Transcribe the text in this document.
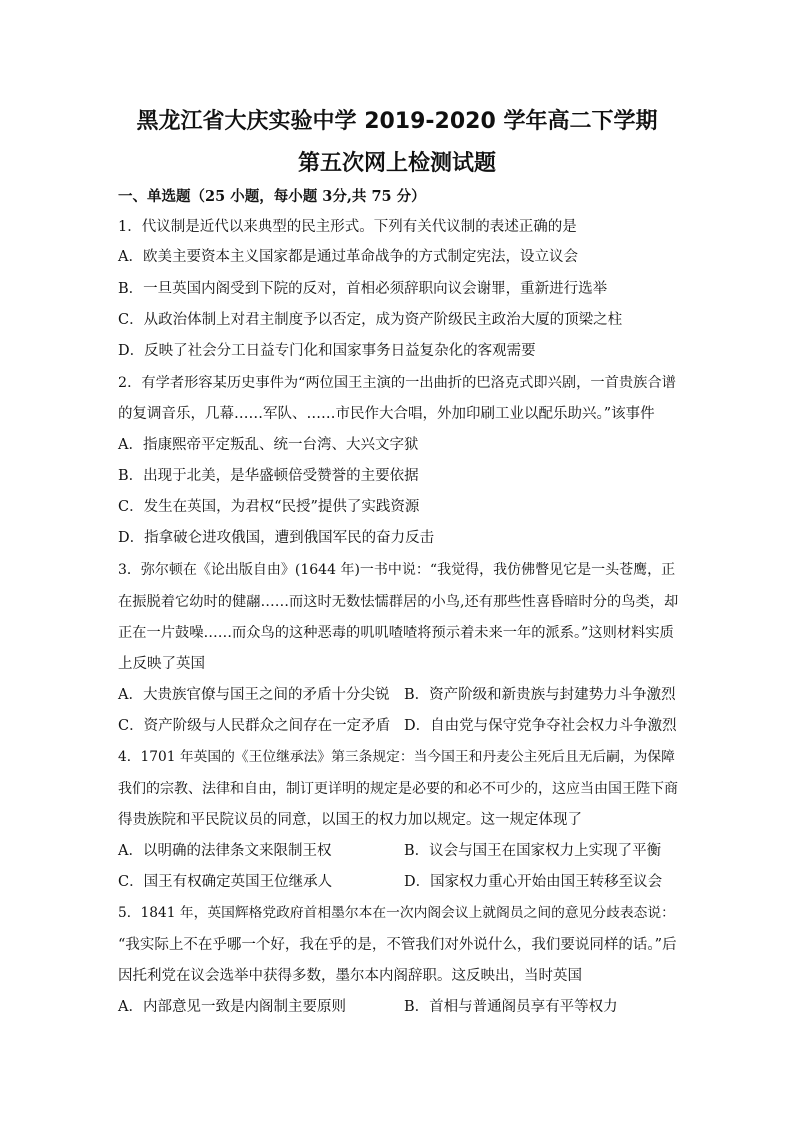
黑龙江省大庆实验中学 2019-2020 学年高二下学期
第五次网上检测试题
一、单选题（25 小题，每小题 3分,共 75 分）
1．代议制是近代以来典型的民主形式。下列有关代议制的表述正确的是
A．欧美主要资本主义国家都是通过革命战争的方式制定宪法，设立议会
B．一旦英国内阁受到下院的反对，首相必须辞职向议会谢罪，重新进行选举
C．从政治体制上对君主制度予以否定，成为资产阶级民主政治大厦的顶梁之柱
D．反映了社会分工日益专门化和国家事务日益复杂化的客观需要
2．有学者形容某历史事件为“两位国王主演的一出曲折的巴洛克式即兴剧，一首贵族合谱
的复调音乐，几幕……军队、……市民作大合唱，外加印刷工业以配乐助兴。”该事件
A．指康熙帝平定叛乱、统一台湾、大兴文字狱
B．出现于北美，是华盛顿倍受赞誉的主要依据
C．发生在英国，为君权“民授”提供了实践资源
D．指拿破仑进攻俄国，遭到俄国军民的奋力反击
3．弥尔顿在《论出版自由》(1644 年)一书中说：“我觉得，我仿佛瞥见它是一头苍鹰，正
在振脱着它幼时的健翮……而这时无数怯懦群居的小鸟,还有那些性喜昏暗时分的鸟类，却
正在一片鼓噪……而众鸟的这种恶毒的叽叽喳喳将预示着未来一年的派系。”这则材料实质
上反映了英国
A．大贵族官僚与国王之间的矛盾十分尖锐 B．资产阶级和新贵族与封建势力斗争激烈
C．资产阶级与人民群众之间存在一定矛盾 D．自由党与保守党争夺社会权力斗争激烈
4．1701 年英国的《王位继承法》第三条规定：当今国王和丹麦公主死后且无后嗣，为保障
我们的宗教、法律和自由，制订更详明的规定是必要的和必不可少的，这应当由国王陛下商
得贵族院和平民院议员的同意，以国王的权力加以规定。这一规定体现了
A．以明确的法律条文来限制王权	B．议会与国王在国家权力上实现了平衡
C．国王有权确定英国王位继承人	D．国家权力重心开始由国王转移至议会
5．1841 年，英国辉格党政府首相墨尔本在一次内阁会议上就阁员之间的意见分歧表态说：
“我实际上不在乎哪一个好，我在乎的是，不管我们对外说什么，我们要说同样的话。”后
因托利党在议会选举中获得多数，墨尔本内阁辞职。这反映出，当时英国
A．内部意见一致是内阁制主要原则	B．首相与普通阁员享有平等权力
